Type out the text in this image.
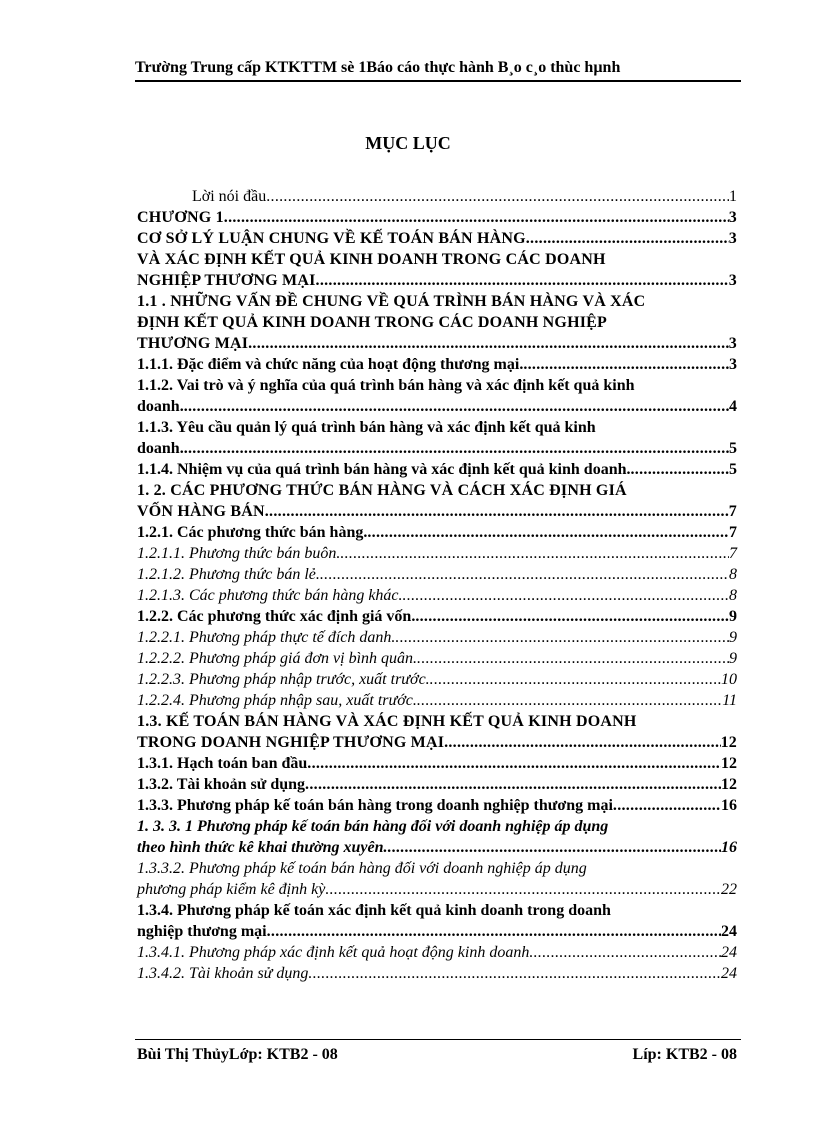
Trường Trung cấp KTKTTM sè 1Báo cáo thực hành B¸o c¸o thùc hµnh
MỤC LỤC
Lời nói đầu .....	1
CHƯƠNG 1 .....	3
CƠ SỞ LÝ LUẬN CHUNG VỀ KẾ TOÁN BÁN HÀNG .....	3
VÀ XÁC ĐỊNH KẾT QUẢ KINH DOANH TRONG CÁC DOANH
NGHIỆP THƯƠNG MẠI .....	3
1.1 . NHỮNG VẤN ĐỀ CHUNG VỀ QUÁ TRÌNH BÁN HÀNG VÀ XÁC
ĐỊNH KẾT QUẢ KINH DOANH TRONG CÁC DOANH NGHIỆP
THƯƠNG MẠI. .....	3
1.1.1. Đặc điểm và chức năng của hoạt động thương mại. .....	3
1.1.2. Vai trò và ý nghĩa của quá trình bán hàng và xác định kết quả kinh
doanh. .....	4
1.1.3. Yêu cầu quản lý quá trình bán hàng và xác định kết quả kinh
doanh. .....	5
1.1.4. Nhiệm vụ của quá trình bán hàng và xác định kết quả kinh doanh. .....	5
1. 2. CÁC PHƯƠNG THỨC BÁN HÀNG VÀ CÁCH XÁC ĐỊNH GIÁ
VỐN HÀNG BÁN .....	7
1.2.1. Các phương thức bán hàng. .....	7
1.2.1.1. Phương thức bán buôn. .....	7
1.2.1.2. Phương thức bán lẻ. .....	8
1.2.1.3. Các phương thức bán hàng khác. .....	8
1.2.2. Các phương thức xác định giá vốn. .....	9
1.2.2.1. Phương pháp thực tế đích danh. .....	9
1.2.2.2. Phương pháp giá đơn vị bình quân. .....	9
1.2.2.3. Phương pháp nhập trước, xuất trước. .....	10
1.2.2.4. Phương pháp nhập sau, xuất trước. .....	11
1.3. KẾ TOÁN BÁN HÀNG VÀ XÁC ĐỊNH KẾT QUẢ KINH DOANH
TRONG DOANH NGHIỆP THƯƠNG MẠI. .....	12
1.3.1. Hạch toán ban đầu .....	12
1.3.2. Tài khoản sử dụng .....	12
1.3.3. Phương pháp kế toán bán hàng trong doanh nghiệp thương mại .....	16
1. 3. 3. 1 Phương pháp kế toán bán hàng đối với doanh nghiệp áp dụng
theo hình thức kê khai thường xuyên .....	16
1.3.3.2. Phương pháp kế toán bán hàng đối với doanh nghiệp áp dụng
phương pháp kiểm kê định kỳ .....	22
1.3.4. Phương pháp kế toán xác định kết quả kinh doanh trong doanh
nghiệp thương mại .....	24
1.3.4.1. Phương pháp xác định kết quả hoạt động kinh doanh .....	24
1.3.4.2. Tài khoản sử dụng .....	24
Bùi Thị ThủyLớp: KTB2 - 08	Líp: KTB2 - 08
